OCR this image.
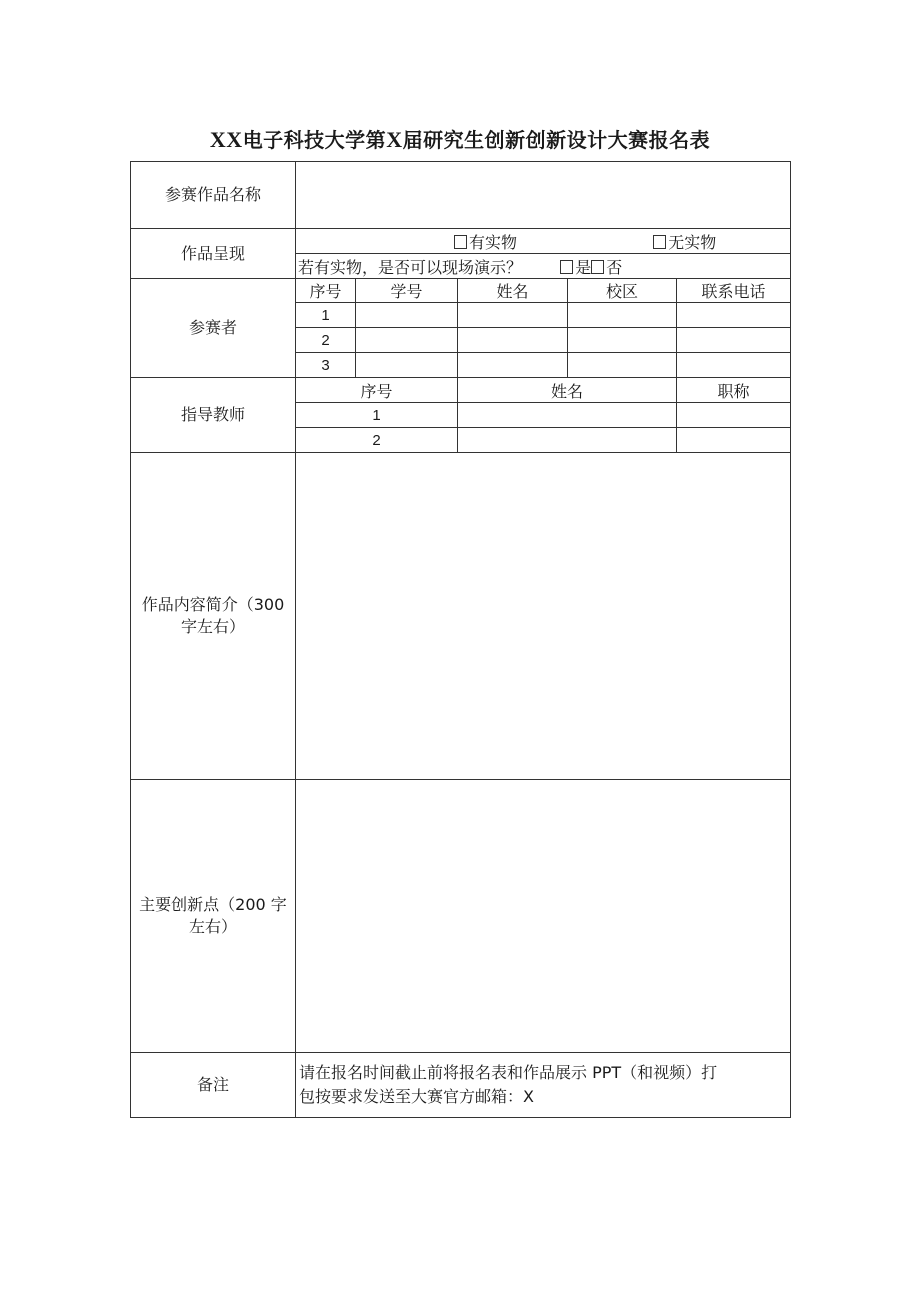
XX电子科技大学第X届研究生创新创新设计大赛报名表
参赛作品名称					
作品呈现	有实物 无实物				
	若有实物，是否可以现场演示？ 是 否				
参赛者	序号	学号	姓名	校区	联系电话
	1				
	2				
	3				
指导教师	序号		姓名		职称
	1				
	2				

作品内容简介（300
字左右）					

主要创新点（200 字
左右）					

备注	请在报名时间截止前将报名表和作品展示 PPT（和视频）打
包按要求发送至大赛官方邮箱：X				
